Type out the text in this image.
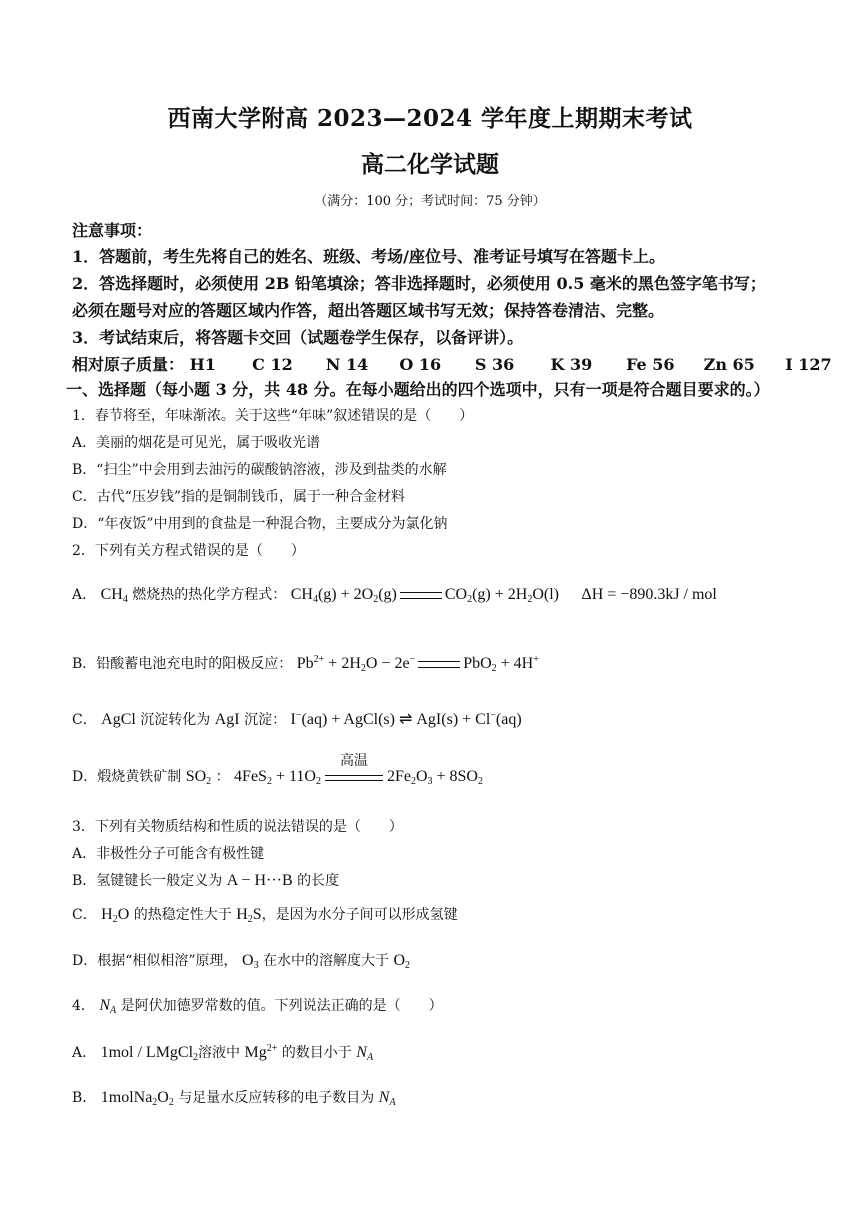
西南大学附高 2023—2024 学年度上期期末考试
高二化学试题
（满分：100 分；考试时间：75 分钟）
注意事项：
1．答题前，考生先将自己的姓名、班级、考场/座位号、准考证号填写在答题卡上。
2．答选择题时，必须使用 2B 铅笔填涂；答非选择题时，必须使用 0.5 毫米的黑色签字笔书写；
必须在题号对应的答题区域内作答，超出答题区域书写无效；保持答卷清洁、完整。
3．考试结束后，将答题卡交回（试题卷学生保存，以备评讲）。
相对原子质量： H1 C 12 N 14 O 16 S 36 K 39 Fe 56 Zn 65 I 127
一、选择题（每小题 3 分，共 48 分。在每小题给出的四个选项中，只有一项是符合题目要求的。）
1．春节将至，年味渐浓。关于这些“年味”叙述错误的是（　　）
A．美丽的烟花是可见光，属于吸收光谱
B．“扫尘”中会用到去油污的碳酸钠溶液，涉及到盐类的水解
C．古代“压岁钱”指的是铜制钱币，属于一种合金材料
D．“年夜饭”中用到的食盐是一种混合物，主要成分为氯化钠
2．下列有关方程式错误的是（　　）
A． $CH_4$ 燃烧热的热化学方程式： $CH_4(g) + 2O_2(g)$	$CO_2(g) + 2H_2O(l) \Delta H = -890.3kJ$ / mol
B．铅酸蓄电池充电时的阳极反应： $Pb^{2+} + 2H_2O - 2e^-$	PbO$_2$ + 4H+
C． AgCl 沉淀转化为 AgI 沉淀： I−(aq) + AgCl(s) ⇌ AgI(s) + Cl−(aq)
D．煅烧黄铁矿制 $SO_2$ ： $4FeS_2 + 11O_2$
高温
$2Fe_2O_3 + 8SO_2$
3．下列有关物质结构和性质的说法错误的是（　　）
A．非极性分子可能含有极性键
B．氢键键长一般定义为 A − H···B 的长度
C． $H_2O$ 的热稳定性大于 $H_2S$，是因为水分子间可以形成氢键
D．根据“相似相溶”原理， $O_3$ 在水中的溶解度大于 $O_2$
4． $N_A$ 是阿伏加德罗常数的值。下列说法正确的是（　　）
A． 1mol / LMgCl$_2$溶液中 $Mg^{2+}$ 的数目小于 $N_A$
B． $1molNa_2O_2$ 与足量水反应转移的电子数目为 $N_A$
